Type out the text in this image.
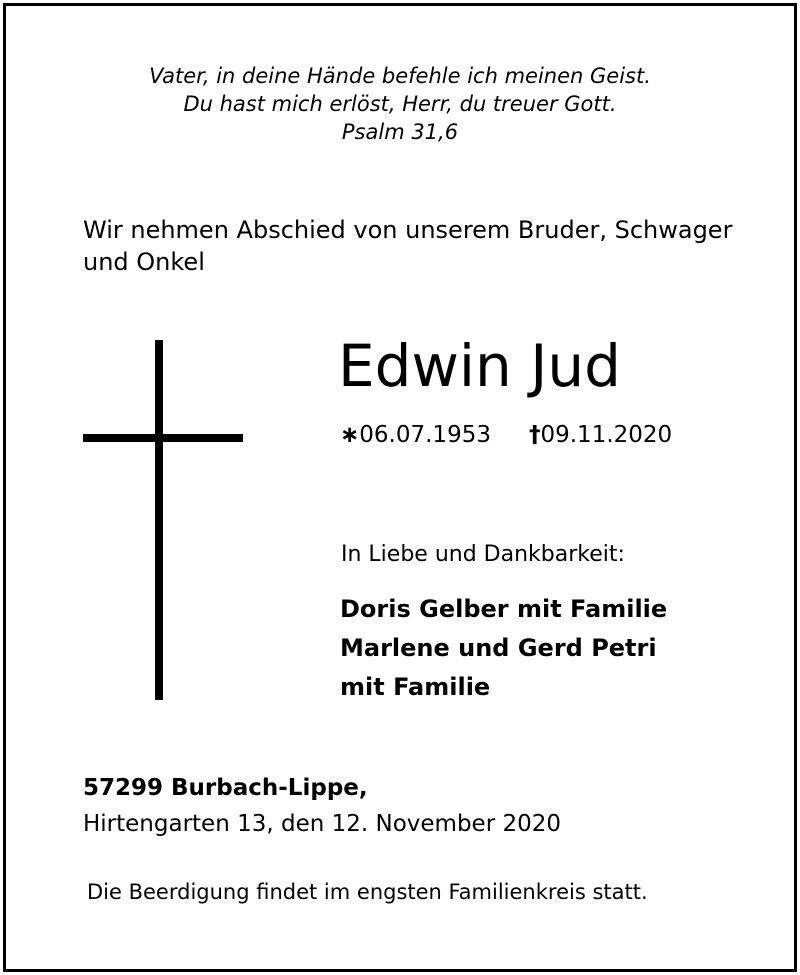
Vater, in deine Hände befehle ich meinen Geist.
Du hast mich erlöst, Herr, du treuer Gott.
Psalm 31,6
Wir nehmen Abschied von unserem Bruder, Schwager und Onkel
Edwin Jud
∗06.07.1953 †09.11.2020
In Liebe und Dankbarkeit:
Doris Gelber mit Familie
Marlene und Gerd Petri
mit Familie
57299 Burbach-Lippe,
Hirtengarten 13, den 12. November 2020
Die Beerdigung findet im engsten Familienkreis statt.
